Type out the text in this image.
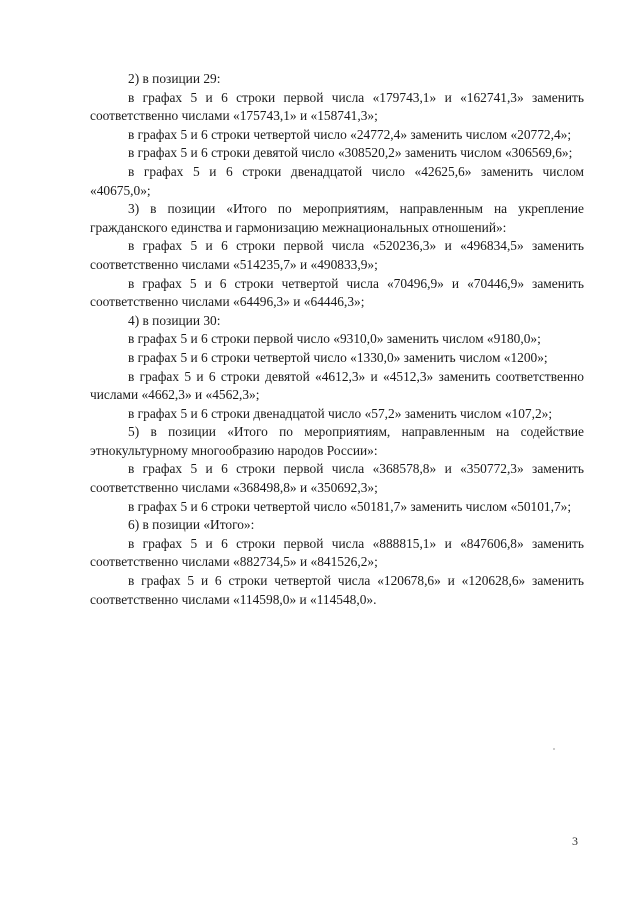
2) в позиции 29:

в графах 5 и 6 строки первой числа «179743,1» и «162741,3» заменить соответственно числами «175743,1» и «158741,3»;

в графах 5 и 6 строки четвертой число «24772,4» заменить числом «20772,4»;

в графах 5 и 6 строки девятой число «308520,2» заменить числом «306569,6»;

в графах 5 и 6 строки двенадцатой число «42625,6» заменить числом «40675,0»;

3) в позиции «Итого по мероприятиям, направленным на укрепление гражданского единства и гармонизацию межнациональных отношений»:

в графах 5 и 6 строки первой числа «520236,3» и «496834,5» заменить соответственно числами «514235,7» и «490833,9»;

в графах 5 и 6 строки четвертой числа «70496,9» и «70446,9» заменить соответственно числами «64496,3» и «64446,3»;

4) в позиции 30:

в графах 5 и 6 строки первой число «9310,0» заменить числом «9180,0»;

в графах 5 и 6 строки четвертой число «1330,0» заменить числом «1200»;

в графах 5 и 6 строки девятой «4612,3» и «4512,3» заменить соответственно числами «4662,3» и «4562,3»;

в графах 5 и 6 строки двенадцатой число «57,2» заменить числом «107,2»;

5) в позиции «Итого по мероприятиям, направленным на содействие этнокультурному многообразию народов России»:

в графах 5 и 6 строки первой числа «368578,8» и «350772,3» заменить соответственно числами «368498,8» и «350692,3»;

в графах 5 и 6 строки четвертой число «50181,7» заменить числом «50101,7»;

6) в позиции «Итого»:

в графах 5 и 6 строки первой числа «888815,1» и «847606,8» заменить соответственно числами «882734,5» и «841526,2»;

в графах 5 и 6 строки четвертой числа «120678,6» и «120628,6» заменить соответственно числами «114598,0» и «114548,0».

3
